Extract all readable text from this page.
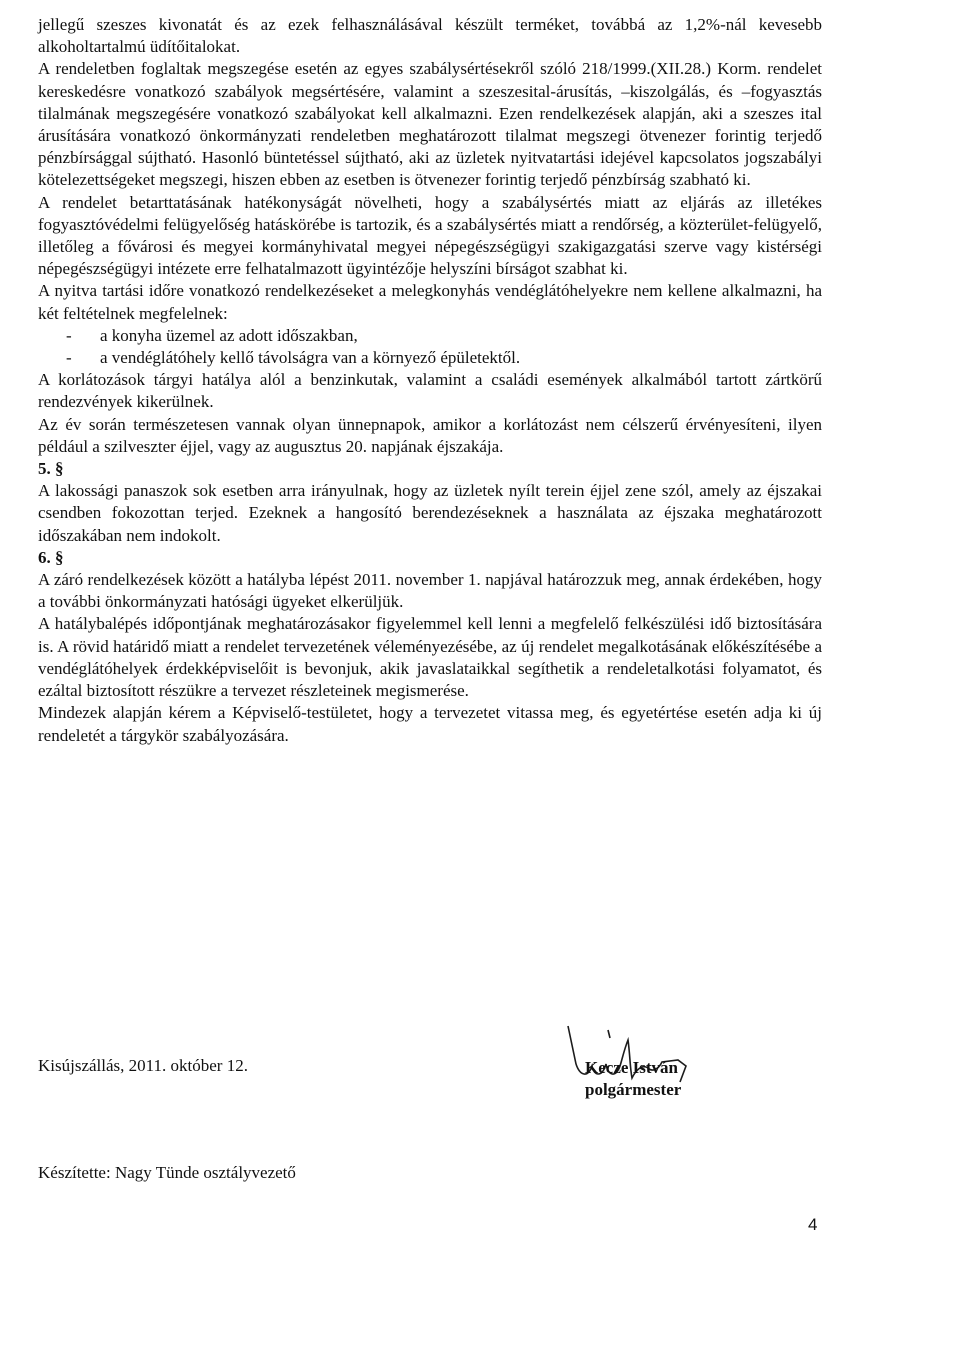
jellegű szeszes kivonatát és az ezek felhasználásával készült terméket, továbbá az 1,2%-nál kevesebb alkoholtartalmú üdítőitalokat.

A rendeletben foglaltak megszegése esetén az egyes szabálysértésekről szóló 218/1999.(XII.28.) Korm. rendelet kereskedésre vonatkozó szabályok megsértésére, valamint a szeszesital-árusítás, –kiszolgálás, és –fogyasztás tilalmának megszegésére vonatkozó szabályokat kell alkalmazni. Ezen rendelkezések alapján, aki a szeszes ital árusítására vonatkozó önkormányzati rendeletben meghatározott tilalmat megszegi ötvenezer forintig terjedő pénzbírsággal sújtható. Hasonló büntetéssel sújtható, aki az üzletek nyitvatartási idejével kapcsolatos jogszabályi kötelezettségeket megszegi, hiszen ebben az esetben is ötvenezer forintig terjedő pénzbírság szabható ki.

A rendelet betarttatásának hatékonyságát növelheti, hogy a szabálysértés miatt az eljárás az illetékes fogyasztóvédelmi felügyelőség hatáskörébe is tartozik, és a szabálysértés miatt a rendőrség, a közterület-felügyelő, illetőleg a fővárosi és megyei kormányhivatal megyei népegészségügyi szakigazgatási szerve vagy kistérségi népegészségügyi intézete erre felhatalmazott ügyintézője helyszíni bírságot szabhat ki.

A nyitva tartási időre vonatkozó rendelkezéseket a melegkonyhás vendéglátóhelyekre nem kellene alkalmazni, ha két feltételnek megfelelnek:

- a konyha üzemel az adott időszakban,
- a vendéglátóhely kellő távolságra van a környező épületektől.

A korlátozások tárgyi hatálya alól a benzinkutak, valamint a családi események alkalmából tartott zártkörű rendezvények kikerülnek.

Az év során természetesen vannak olyan ünnepnapok, amikor a korlátozást nem célszerű érvényesíteni, ilyen például a szilveszter éjjel, vagy az augusztus 20. napjának éjszakája.

5. §

A lakossági panaszok sok esetben arra irányulnak, hogy az üzletek nyílt terein éjjel zene szól, amely az éjszakai csendben fokozottan terjed. Ezeknek a hangosító berendezéseknek a használata az éjszaka meghatározott időszakában nem indokolt.

6. §

A záró rendelkezések között a hatályba lépést 2011. november 1. napjával határozzuk meg, annak érdekében, hogy a további önkormányzati hatósági ügyeket elkerüljük.

A hatálybalépés időpontjának meghatározásakor figyelemmel kell lenni a megfelelő felkészülési idő biztosítására is. A rövid határidő miatt a rendelet tervezetének véleményezésébe, az új rendelet megalkotásának előkészítésébe a vendéglátóhelyek érdekképviselőit is bevonjuk, akik javaslataikkal segíthetik a rendeletalkotási folyamatot, és ezáltal biztosított részükre a tervezet részleteinek megismerése.

Mindezek alapján kérem a Képviselő-testületet, hogy a tervezetet vitassa meg, és egyetértése esetén adja ki új rendeletét a tárgykör szabályozására.

Kisújszállás, 2011. október 12.	Kecze István
polgármester
Készítette: Nagy Tünde osztályvezető
4
